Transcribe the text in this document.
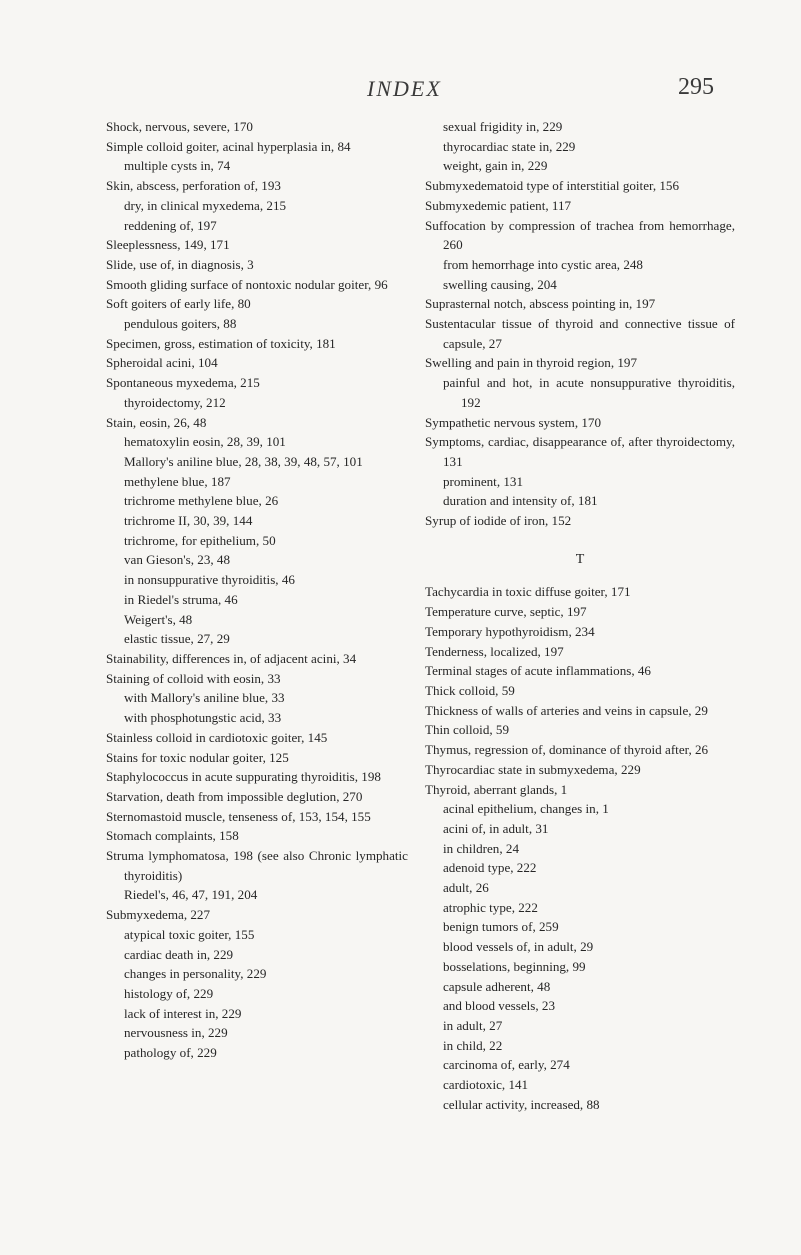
INDEX	295
Shock, nervous, severe, 170
Simple colloid goiter, acinal hyperplasia in, 84
multiple cysts in, 74
Skin, abscess, perforation of, 193
dry, in clinical myxedema, 215
reddening of, 197
Sleeplessness, 149, 171
Slide, use of, in diagnosis, 3
Smooth gliding surface of nontoxic nodular goiter, 96
Soft goiters of early life, 80
pendulous goiters, 88
Specimen, gross, estimation of toxicity, 181
Spheroidal acini, 104
Spontaneous myxedema, 215
thyroidectomy, 212
Stain, eosin, 26, 48
hematoxylin eosin, 28, 39, 101
Mallory's aniline blue, 28, 38, 39, 48, 57, 101
methylene blue, 187
trichrome methylene blue, 26
trichrome II, 30, 39, 144
trichrome, for epithelium, 50
van Gieson's, 23, 48
in nonsuppurative thyroiditis, 46
in Riedel's struma, 46
Weigert's, 48
elastic tissue, 27, 29
Stainability, differences in, of adjacent acini, 34
Staining of colloid with eosin, 33
with Mallory's aniline blue, 33
with phosphotungstic acid, 33
Stainless colloid in cardiotoxic goiter, 145
Stains for toxic nodular goiter, 125
Staphylococcus in acute suppurating thyroiditis, 198
Starvation, death from impossible deglution, 270
Sternomastoid muscle, tenseness of, 153, 154, 155
Stomach complaints, 158
Struma lymphomatosa, 198 (see also Chronic lymphatic thyroiditis)
Riedel's, 46, 47, 191, 204
Submyxedema, 227
atypical toxic goiter, 155
cardiac death in, 229
changes in personality, 229
histology of, 229
lack of interest in, 229
nervousness in, 229
pathology of, 229
sexual frigidity in, 229
thyrocardiac state in, 229
weight, gain in, 229
Submyxedematoid type of interstitial goiter, 156
Submyxedemic patient, 117
Suffocation by compression of trachea from hemorrhage, 260
from hemorrhage into cystic area, 248
swelling causing, 204
Suprasternal notch, abscess pointing in, 197
Sustentacular tissue of thyroid and connective tissue of capsule, 27
Swelling and pain in thyroid region, 197
painful and hot, in acute nonsuppurative thyroiditis, 192
Sympathetic nervous system, 170
Symptoms, cardiac, disappearance of, after thyroidectomy, 131
prominent, 131
duration and intensity of, 181
Syrup of iodide of iron, 152
T
Tachycardia in toxic diffuse goiter, 171
Temperature curve, septic, 197
Temporary hypothyroidism, 234
Tenderness, localized, 197
Terminal stages of acute inflammations, 46
Thick colloid, 59
Thickness of walls of arteries and veins in capsule, 29
Thin colloid, 59
Thymus, regression of, dominance of thyroid after, 26
Thyrocardiac state in submyxedema, 229
Thyroid, aberrant glands, 1
acinal epithelium, changes in, 1
acini of, in adult, 31
in children, 24
adenoid type, 222
adult, 26
atrophic type, 222
benign tumors of, 259
blood vessels of, in adult, 29
bosselations, beginning, 99
capsule adherent, 48
and blood vessels, 23
in adult, 27
in child, 22
carcinoma of, early, 274
cardiotoxic, 141
cellular activity, increased, 88
